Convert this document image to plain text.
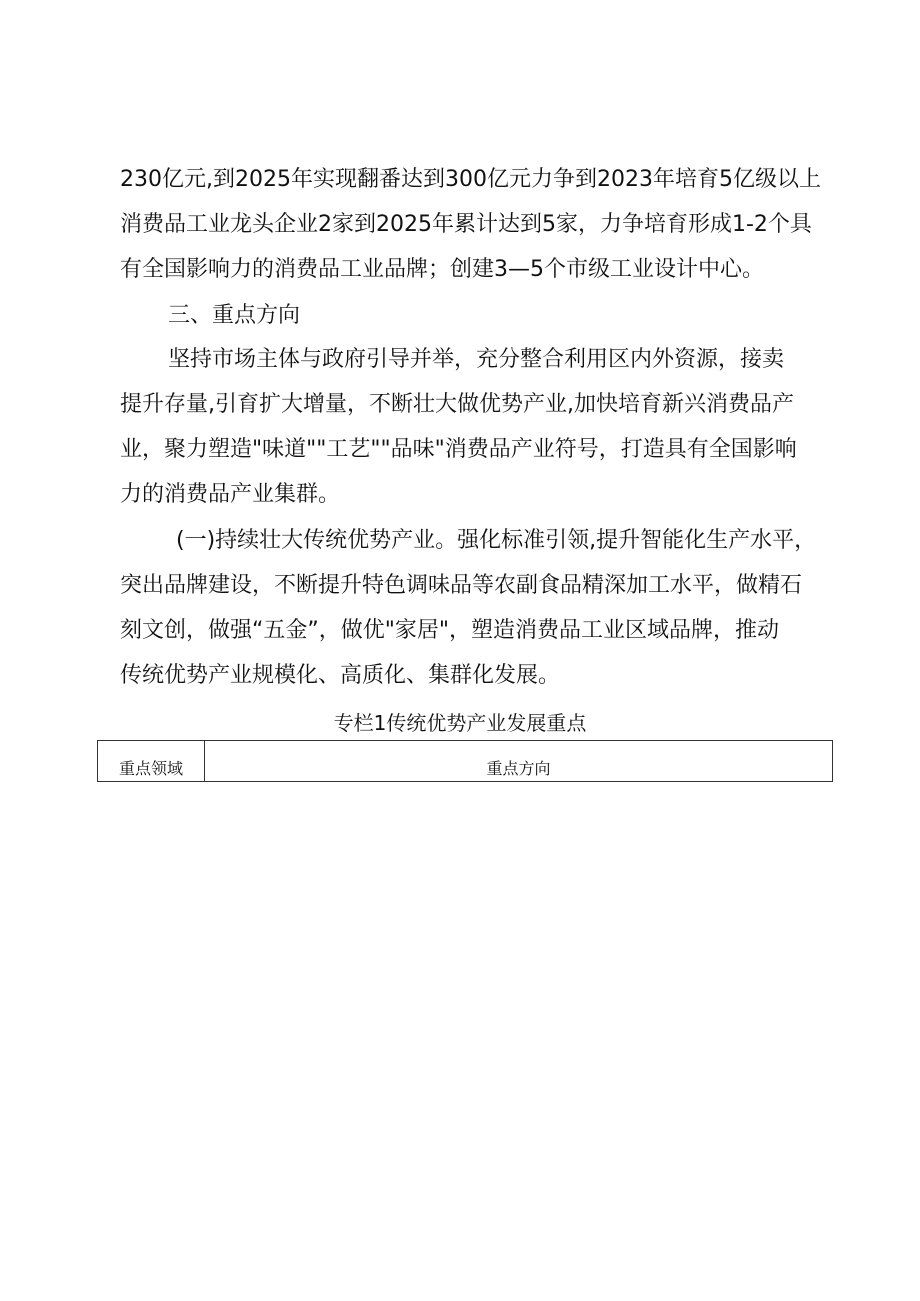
230亿元,到2025年实现翻番达到300亿元力争到2023年培育5亿级以上
消费品工业龙头企业2家到2025年累计达到5家，力争培育形成1-2个具
有全国影响力的消费品工业品牌；创建3—5个市级工业设计中心。
三、重点方向
坚持市场主体与政府引导并举，充分整合利用区内外资源，接卖
提升存量,引育扩大增量，不断壮大做优势产业,加快培育新兴消费品产
业，聚力塑造"味道""工艺""品味"消费品产业符号，打造具有全国影响
力的消费品产业集群。
(一)持续壮大传统优势产业。强化标准引领,提升智能化生产水平，
突出品牌建设，不断提升特色调味品等农副食品精深加工水平，做精石
刻文创，做强“五金”，做优"家居"，塑造消费品工业区域品牌，推动
传统优势产业规模化、高质化、集群化发展。
专栏1传统优势产业发展重点
重点领域	重点方向
